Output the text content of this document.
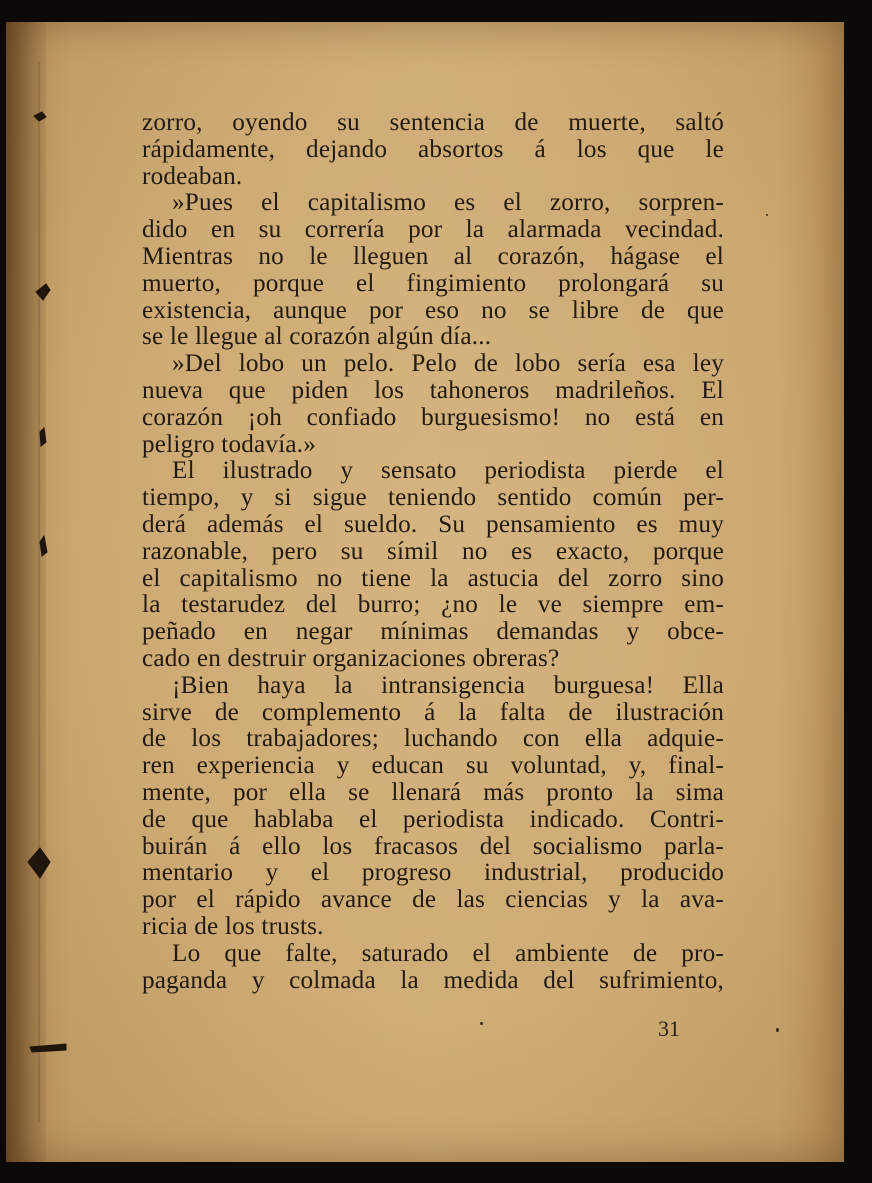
zorro, oyendo su sentencia de muerte, saltó
rápidamente, dejando absortos á los que le
rodeaban.

»Pues el capitalismo es el zorro, sorpren-
dido en su correría por la alarmada vecindad.
Mientras no le lleguen al corazón, hágase el
muerto, porque el fingimiento prolongará su
existencia, aunque por eso no se libre de que
se le llegue al corazón algún día...

»Del lobo un pelo. Pelo de lobo sería esa ley
nueva que piden los tahoneros madrileños. El
corazón ¡oh confiado burguesismo! no está en
peligro todavía.»

El ilustrado y sensato periodista pierde el
tiempo, y si sigue teniendo sentido común per-
derá además el sueldo. Su pensamiento es muy
razonable, pero su símil no es exacto, porque
el capitalismo no tiene la astucia del zorro sino
la testarudez del burro; ¿no le ve siempre em-
peñado en negar mínimas demandas y obce-
cado en destruir organizaciones obreras?

¡Bien haya la intransigencia burguesa! Ella
sirve de complemento á la falta de ilustración
de los trabajadores; luchando con ella adquie-
ren experiencia y educan su voluntad, y, final-
mente, por ella se llenará más pronto la sima
de que hablaba el periodista indicado. Contri-
buirán á ello los fracasos del socialismo parla-
mentario y el progreso industrial, producido
por el rápido avance de las ciencias y la ava-
ricia de los trusts.

Lo que falte, saturado el ambiente de pro-
paganda y colmada la medida del sufrimiento,

31
